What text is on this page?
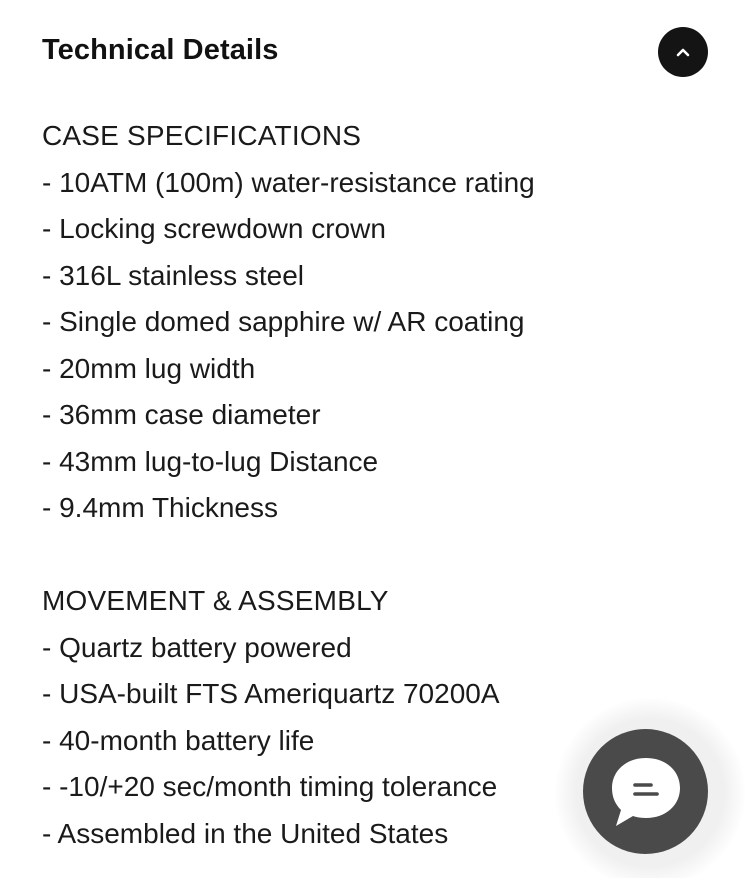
Technical Details
CASE SPECIFICATIONS
- 10ATM (100m) water-resistance rating
- Locking screwdown crown
- 316L stainless steel
- Single domed sapphire w/ AR coating
- 20mm lug width
- 36mm case diameter
- 43mm lug-to-lug Distance
- 9.4mm Thickness
MOVEMENT & ASSEMBLY
- Quartz battery powered
- USA-built FTS Ameriquartz 70200A
- 40-month battery life
- -10/+20 sec/month timing tolerance
- Assembled in the United States
